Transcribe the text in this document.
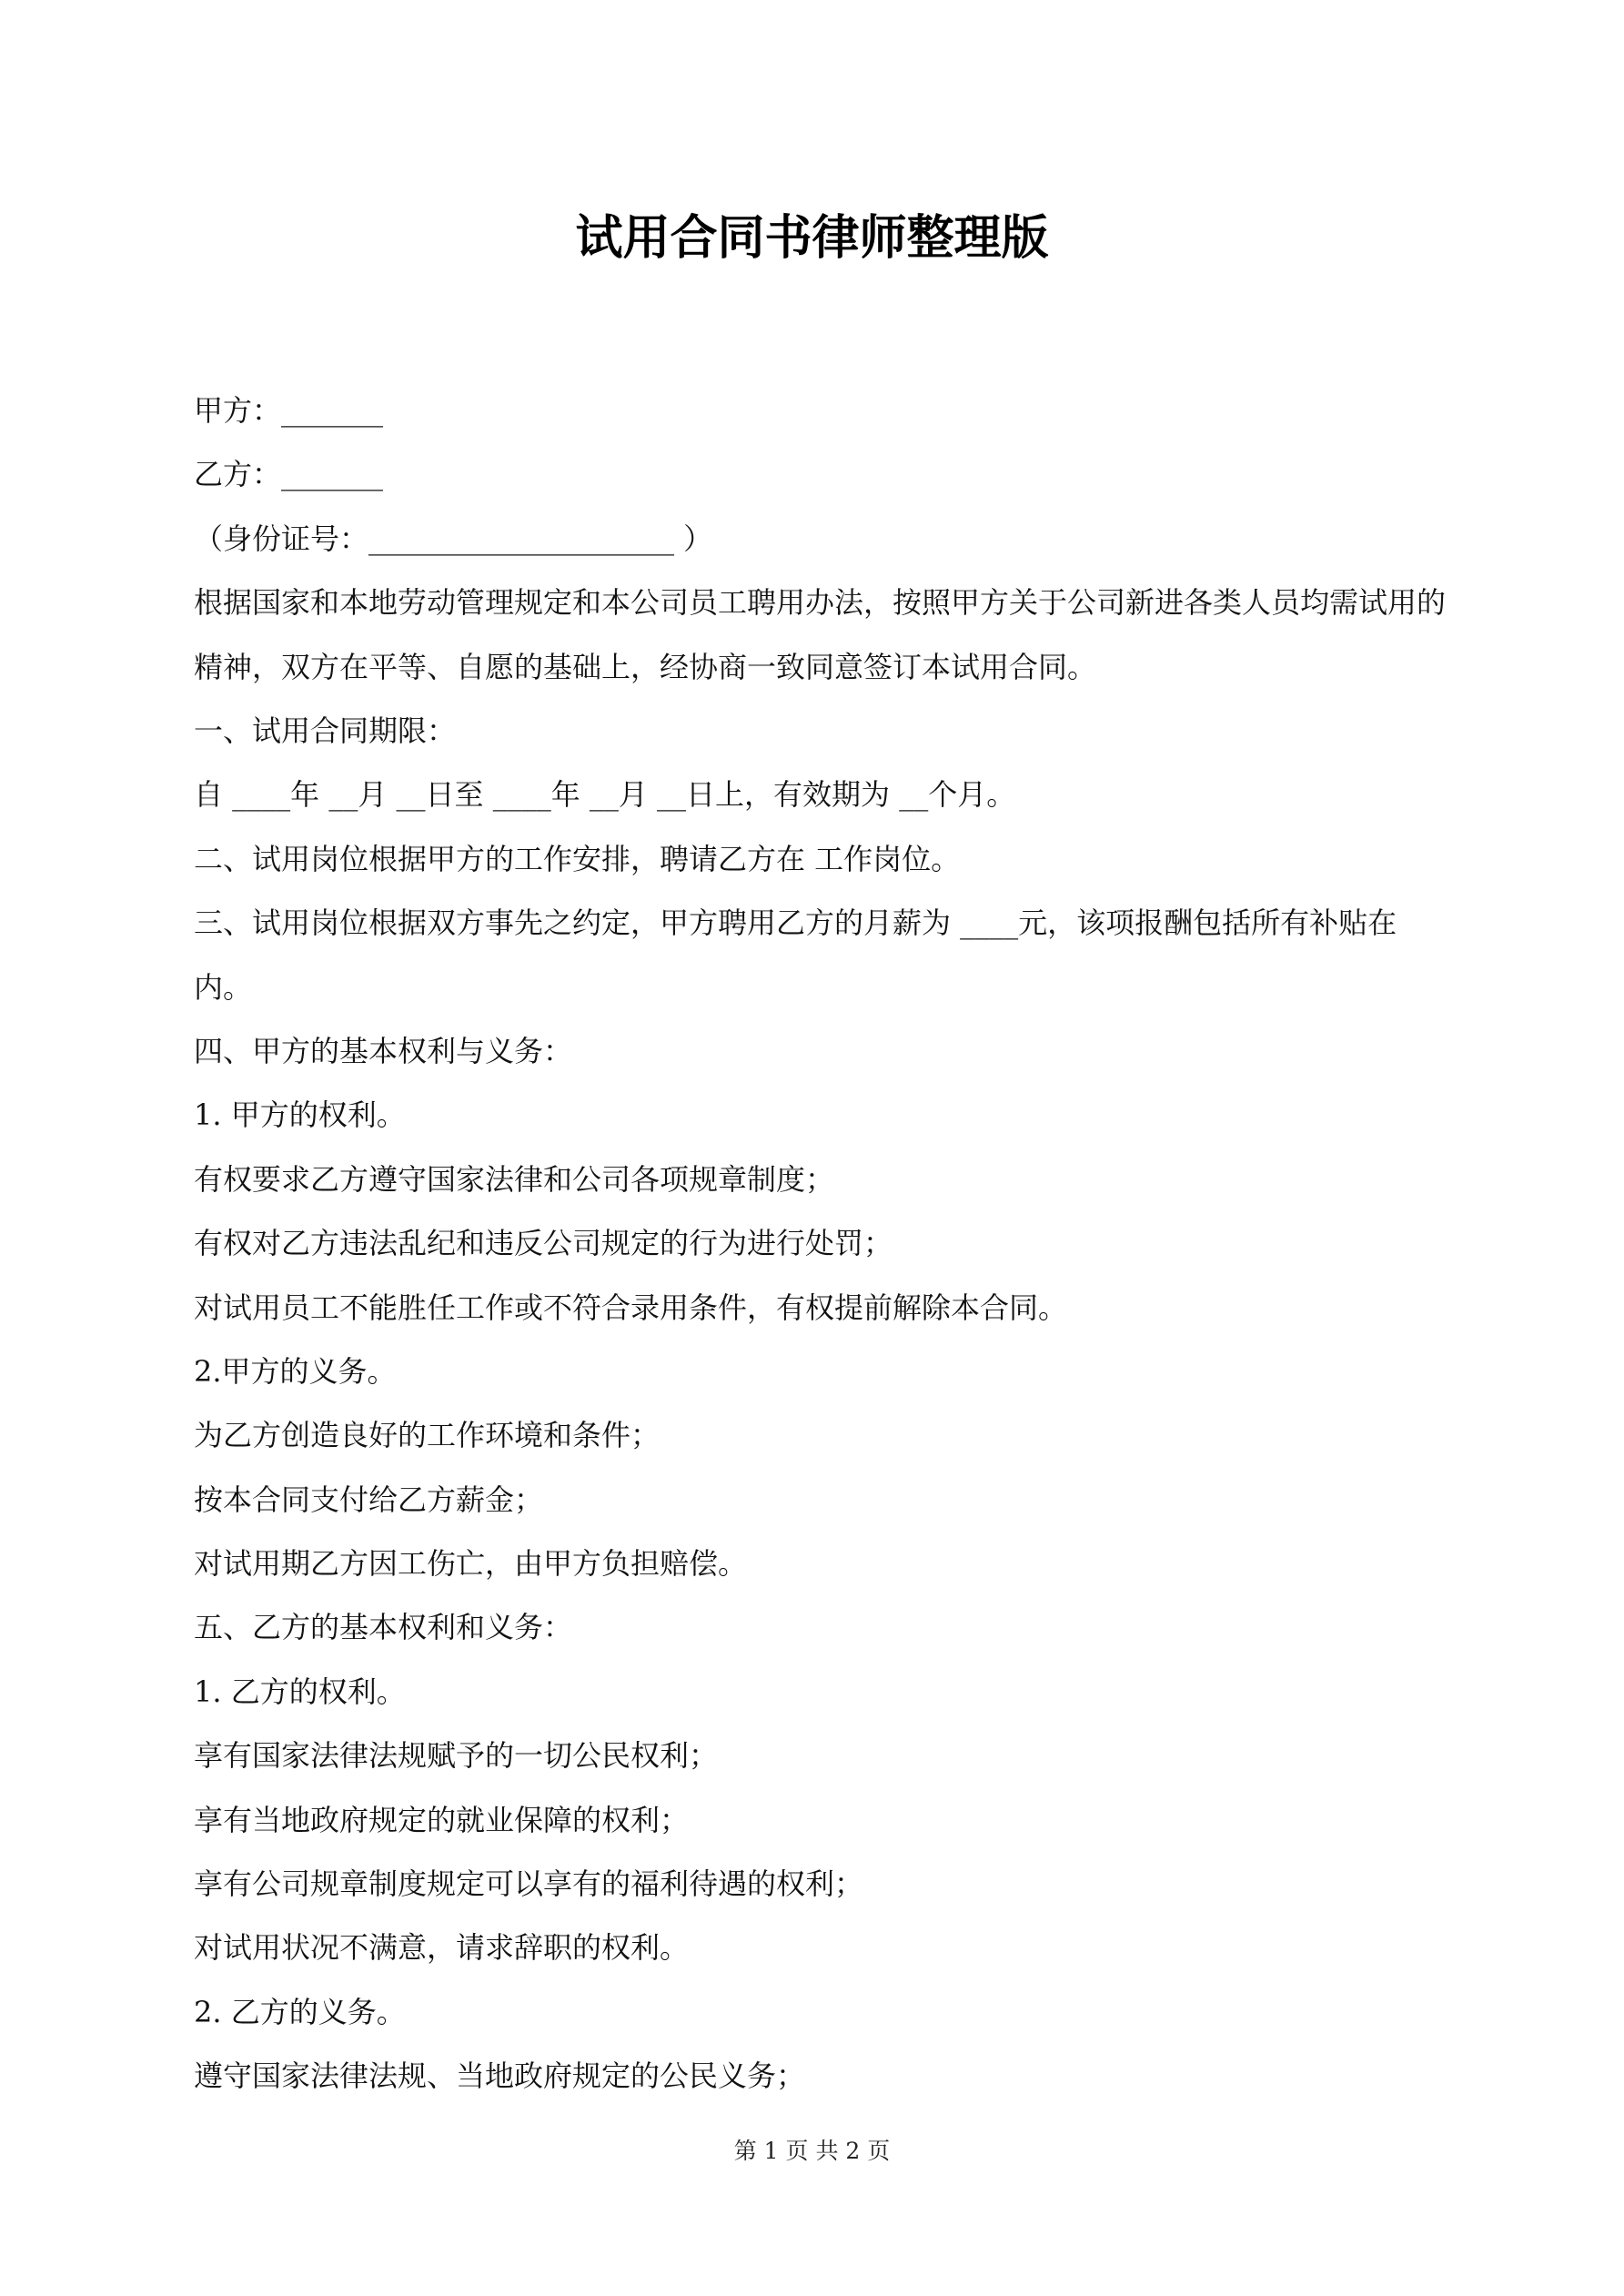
试用合同书律师整理版
甲方：_______
乙方：_______
（身份证号：_____________________ ）

根据国家和本地劳动管理规定和本公司员工聘用办法，按照甲方关于公司新进各类人员均需试用的精神，双方在平等、自愿的基础上，经协商一致同意签订本试用合同。

一、试用合同期限：
自 ____年 __月 __日至 ____年 __月 __日上，有效期为 __个月。
二、试用岗位根据甲方的工作安排，聘请乙方在 工作岗位。

三、试用岗位根据双方事先之约定，甲方聘用乙方的月薪为 ____元，该项报酬包括所有补贴在内。

四、甲方的基本权利与义务：
1. 甲方的权利。
有权要求乙方遵守国家法律和公司各项规章制度；
有权对乙方违法乱纪和违反公司规定的行为进行处罚；
对试用员工不能胜任工作或不符合录用条件，有权提前解除本合同。
2.甲方的义务。
为乙方创造良好的工作环境和条件；
按本合同支付给乙方薪金；
对试用期乙方因工伤亡，由甲方负担赔偿。
五、乙方的基本权利和义务：
1. 乙方的权利。
享有国家法律法规赋予的一切公民权利；
享有当地政府规定的就业保障的权利；
享有公司规章制度规定可以享有的福利待遇的权利；
对试用状况不满意，请求辞职的权利。
2. 乙方的义务。
遵守国家法律法规、当地政府规定的公民义务；
第 1 页 共 2 页
